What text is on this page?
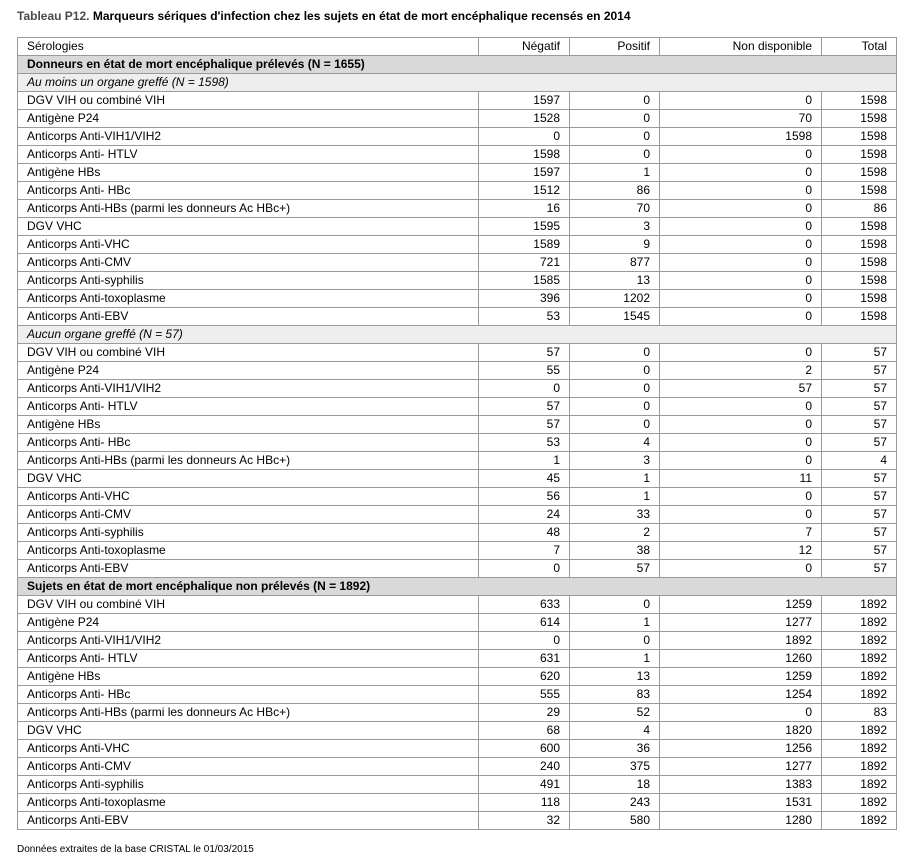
Tableau P12. Marqueurs sériques d'infection chez les sujets en état de mort encéphalique recensés en 2014
Sérologies	Négatif	Positif	Non disponible	Total
Donneurs en état de mort encéphalique prélevés (N = 1655)				
Au moins un organe greffé (N = 1598)				
DGV VIH ou combiné VIH	1597	0	0	1598
Antigène P24	1528	0	70	1598
Anticorps Anti-VIH1/VIH2	0	0	1598	1598
Anticorps Anti- HTLV	1598	0	0	1598
Antigène HBs	1597	1	0	1598
Anticorps Anti- HBc	1512	86	0	1598
Anticorps Anti-HBs (parmi les donneurs Ac HBc+)	16	70	0	86
DGV VHC	1595	3	0	1598
Anticorps Anti-VHC	1589	9	0	1598
Anticorps Anti-CMV	721	877	0	1598
Anticorps Anti-syphilis	1585	13	0	1598
Anticorps Anti-toxoplasme	396	1202	0	1598
Anticorps Anti-EBV	53	1545	0	1598
Aucun organe greffé (N = 57)				
DGV VIH ou combiné VIH	57	0	0	57
Antigène P24	55	0	2	57
Anticorps Anti-VIH1/VIH2	0	0	57	57
Anticorps Anti- HTLV	57	0	0	57
Antigène HBs	57	0	0	57
Anticorps Anti- HBc	53	4	0	57
Anticorps Anti-HBs (parmi les donneurs Ac HBc+)	1	3	0	4
DGV VHC	45	1	11	57
Anticorps Anti-VHC	56	1	0	57
Anticorps Anti-CMV	24	33	0	57
Anticorps Anti-syphilis	48	2	7	57
Anticorps Anti-toxoplasme	7	38	12	57
Anticorps Anti-EBV	0	57	0	57
Sujets en état de mort encéphalique non prélevés (N = 1892)				
DGV VIH ou combiné VIH	633	0	1259	1892
Antigène P24	614	1	1277	1892
Anticorps Anti-VIH1/VIH2	0	0	1892	1892
Anticorps Anti- HTLV	631	1	1260	1892
Antigène HBs	620	13	1259	1892
Anticorps Anti- HBc	555	83	1254	1892
Anticorps Anti-HBs (parmi les donneurs Ac HBc+)	29	52	0	83
DGV VHC	68	4	1820	1892
Anticorps Anti-VHC	600	36	1256	1892
Anticorps Anti-CMV	240	375	1277	1892
Anticorps Anti-syphilis	491	18	1383	1892
Anticorps Anti-toxoplasme	118	243	1531	1892
Anticorps Anti-EBV	32	580	1280	1892
Données extraites de la base CRISTAL le 01/03/2015
